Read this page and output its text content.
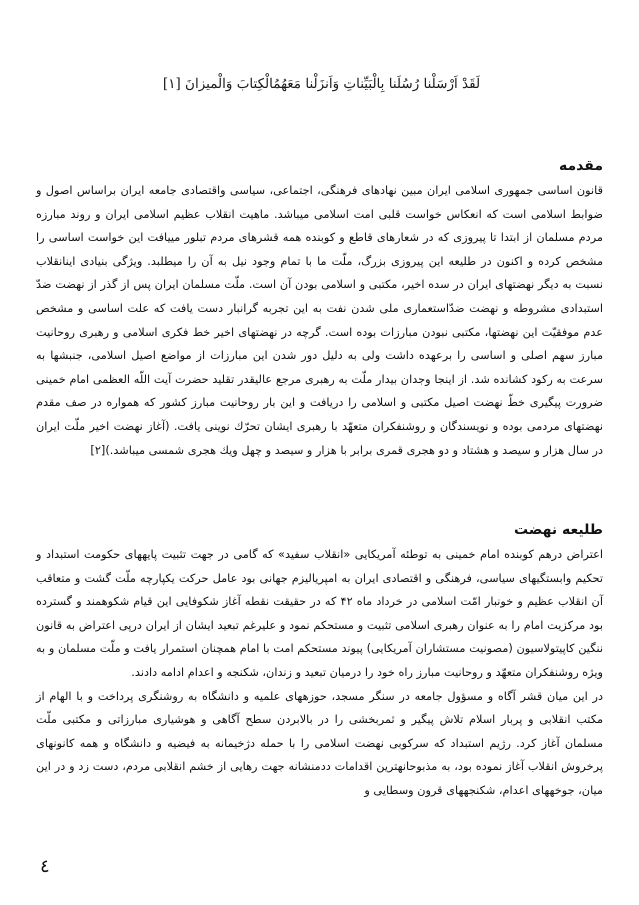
لَقَدْ اَرْسَلْنا رُسُلَنا بِالْبَیِّناتِ وَاَنزَلْنا مَعَهُمُ‏الْكِتابَ وَالْمیزانَ [۱]
مقدمه

قانون اساسی جمهوری اسلامی ایران مبین نهادهای فرهنگی، اجتماعی، سیاسی واقتصادی جامعه ایران براساس اصول و ضوابط اسلامی است كه انعكاس خواست قلبی امت اسلامی می‏باشد. ماهیت انقلاب عظیم اسلامی ایران و روند مبارزه مردم مسلمان از ابتدا تا پیروزی كه در شعارهای قاطع و كوبنده همه قشرهای مردم تبلور می‏یافت این خواست اساسی را مشخص كرده و اكنون در طلیعه این پیروزی بزرگ، ملّت ما با تمام وجود نیل به آن را می‏طلبد. ویژگی بنیادی این‏انقلاب نسبت به دیگر نهضتهای ایران در سده اخیر، مكتبی و اسلامی بودن آن است. ملّت مسلمان ایران پس از گذر از نهضت ضدّ استبدادی مشروطه و نهضت ضدّاستعماری ملی شدن نفت به این تجربه گرانبار دست یافت كه علت اساسی و مشخص عدم موفقیّت این نهضتها، مكتبی نبودن مبارزات بوده است. گرچه در نهضتهای اخیر خط فكری اسلامی و رهبری روحانیت مبارز سهم اصلی و اساسی را برعهده داشت ولی به دلیل دور شدن این مبارزات از مواضع اصیل اسلامی، جنبشها به سرعت به ركود كشانده شد. از اینجا وجدان بیدار ملّت به رهبری مرجع عالیقدر تقلید حضرت آیت اللّه العظمی امام خمینی ضرورت پیگیری خطّ نهضت اصیل مكتبی و اسلامی را دریافت و این بار روحانیت مبارز كشور كه همواره در صف مقدم نهضتهای مردمی بوده و نویسندگان و روشنفكران متعهّد با رهبری ایشان تحرّك نوینی یافت. (آغاز نهضت اخیر ملّت ایران در سال هزار و سیصد و هشتاد و دو هجری قمری برابر با هزار و سیصد و چهل ویك هجری شمسی می‏باشد.)[۲]

طلیعه نهضت

اعتراض درهم كوبنده امام خمینی به توطئه آمریكایی «انقلاب سفید» كه گامی در جهت تثبیت پایه‏های حكومت استبداد و تحكیم وابستگیهای سیاسی، فرهنگی و اقتصادی ایران به امپریالیزم جهانی بود عامل حركت یكپارچه ملّت گشت و متعاقب آن انقلاب عظیم و خونبار امّت اسلامی در خرداد ماه ۴۲ كه در حقیقت نقطه آغاز شكوفایی این قیام شكوهمند و گسترده بود مركزیت امام را به عنوان رهبری اسلامی تثبیت و مستحكم نمود و علی‏رغم تبعید ایشان از ایران درپی اعتراض به قانون ننگین كاپیتولاسیون (مصونیت مستشاران آمریكایی) پیوند مستحكم امت با امام همچنان استمرار یافت و ملّت مسلمان و به ویژه روشنفكران متعهّد و روحانیت مبارز راه خود را درمیان تبعید و زندان، شكنجه و اعدام ادامه دادند.

در این میان قشر آگاه و مسؤول جامعه در سنگر مسجد، حوزه‏های علمیه و دانشگاه به روشنگری پرداخت و با الهام از مكتب انقلابی و پربار اسلام تلاش پیگیر و ثمربخشی را در بالابردن سطح آگاهی و هوشیاری مبارزاتی و مكتبی ملّت مسلمان آغاز كرد. رژیم استبداد كه سركوبی نهضت اسلامی را با حمله دژخیمانه به فیضیه و دانشگاه و همه كانونهای پرخروش انقلاب آغاز نموده بود، به مذبوحانه‏ترین اقدامات ددمنشانه جهت رهایی از خشم انقلابی مردم، دست زد و در این میان، جوخه‏های اعدام، شكنجه‏های قرون وسطایی و

٤
